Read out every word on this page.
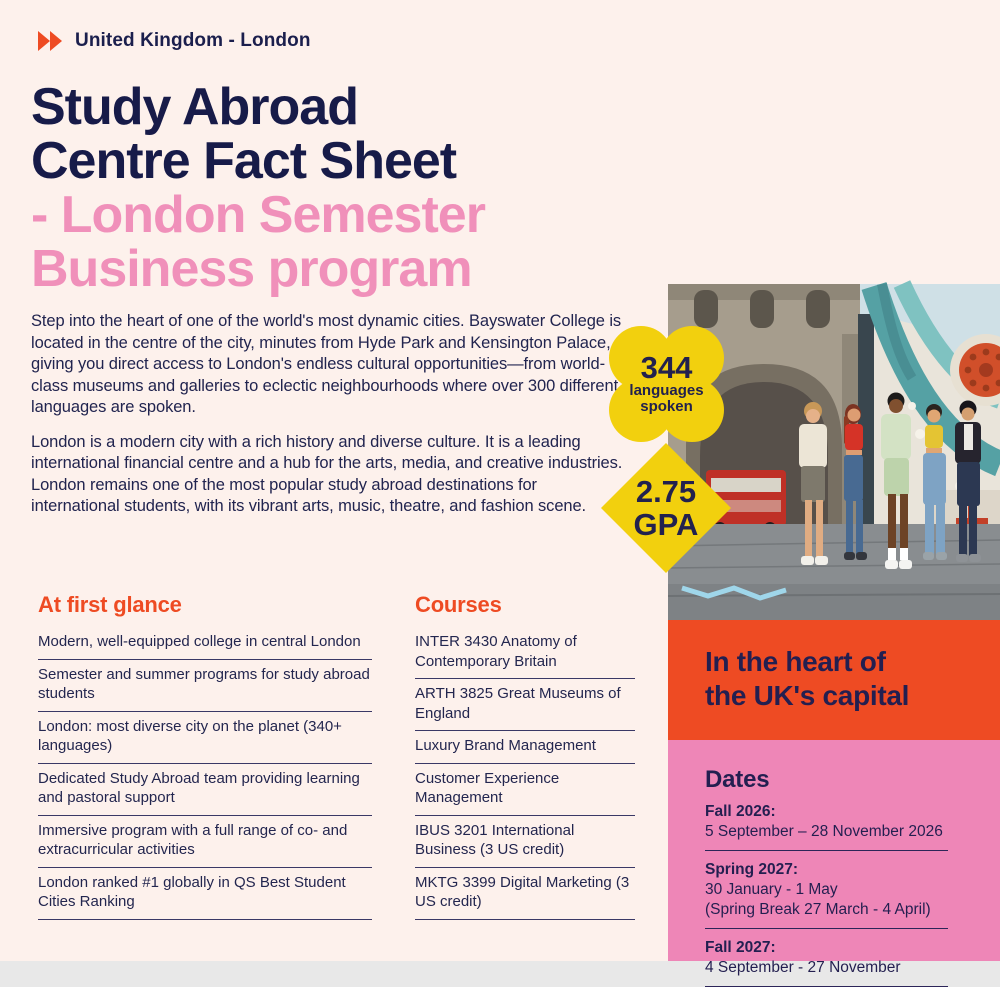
United Kingdom - London
Study Abroad
Centre Fact Sheet
- London Semester
Business program

Step into the heart of one of the world's most dynamic cities. Bayswater College is located in the centre of the city, minutes from Hyde Park and Kensington Palace, giving you direct access to London's endless cultural opportunities—from world-class museums and galleries to eclectic neighbourhoods where over 300 different languages are spoken.

London is a modern city with a rich history and diverse culture. It is a leading international financial centre and a hub for the arts, media, and creative industries. London remains one of the most popular study abroad destinations for international students, with its vibrant arts, music, theatre, and fashion scene.

344
languages
spoken
2.75
GPA
At first glance
Modern, well-equipped college in central London
Semester and summer programs for study abroad students
London: most diverse city on the planet (340+ languages)
Dedicated Study Abroad team providing learning and pastoral support
Immersive program with a full range of co- and extracurricular activities
London ranked #1 globally in QS Best Student Cities Ranking
Courses
INTER 3430 Anatomy of Contemporary Britain
ARTH 3825 Great Museums of England
Luxury Brand Management
Customer Experience Management
IBUS 3201 International Business (3 US credit)
MKTG 3399 Digital Marketing (3 US credit)
In the heart of
the UK's capital
Dates
Fall 2026:
5 September – 28 November 2026
Spring 2027:
30 January - 1 May
(Spring Break 27 March - 4 April)
Fall 2027:
4 September - 27 November
